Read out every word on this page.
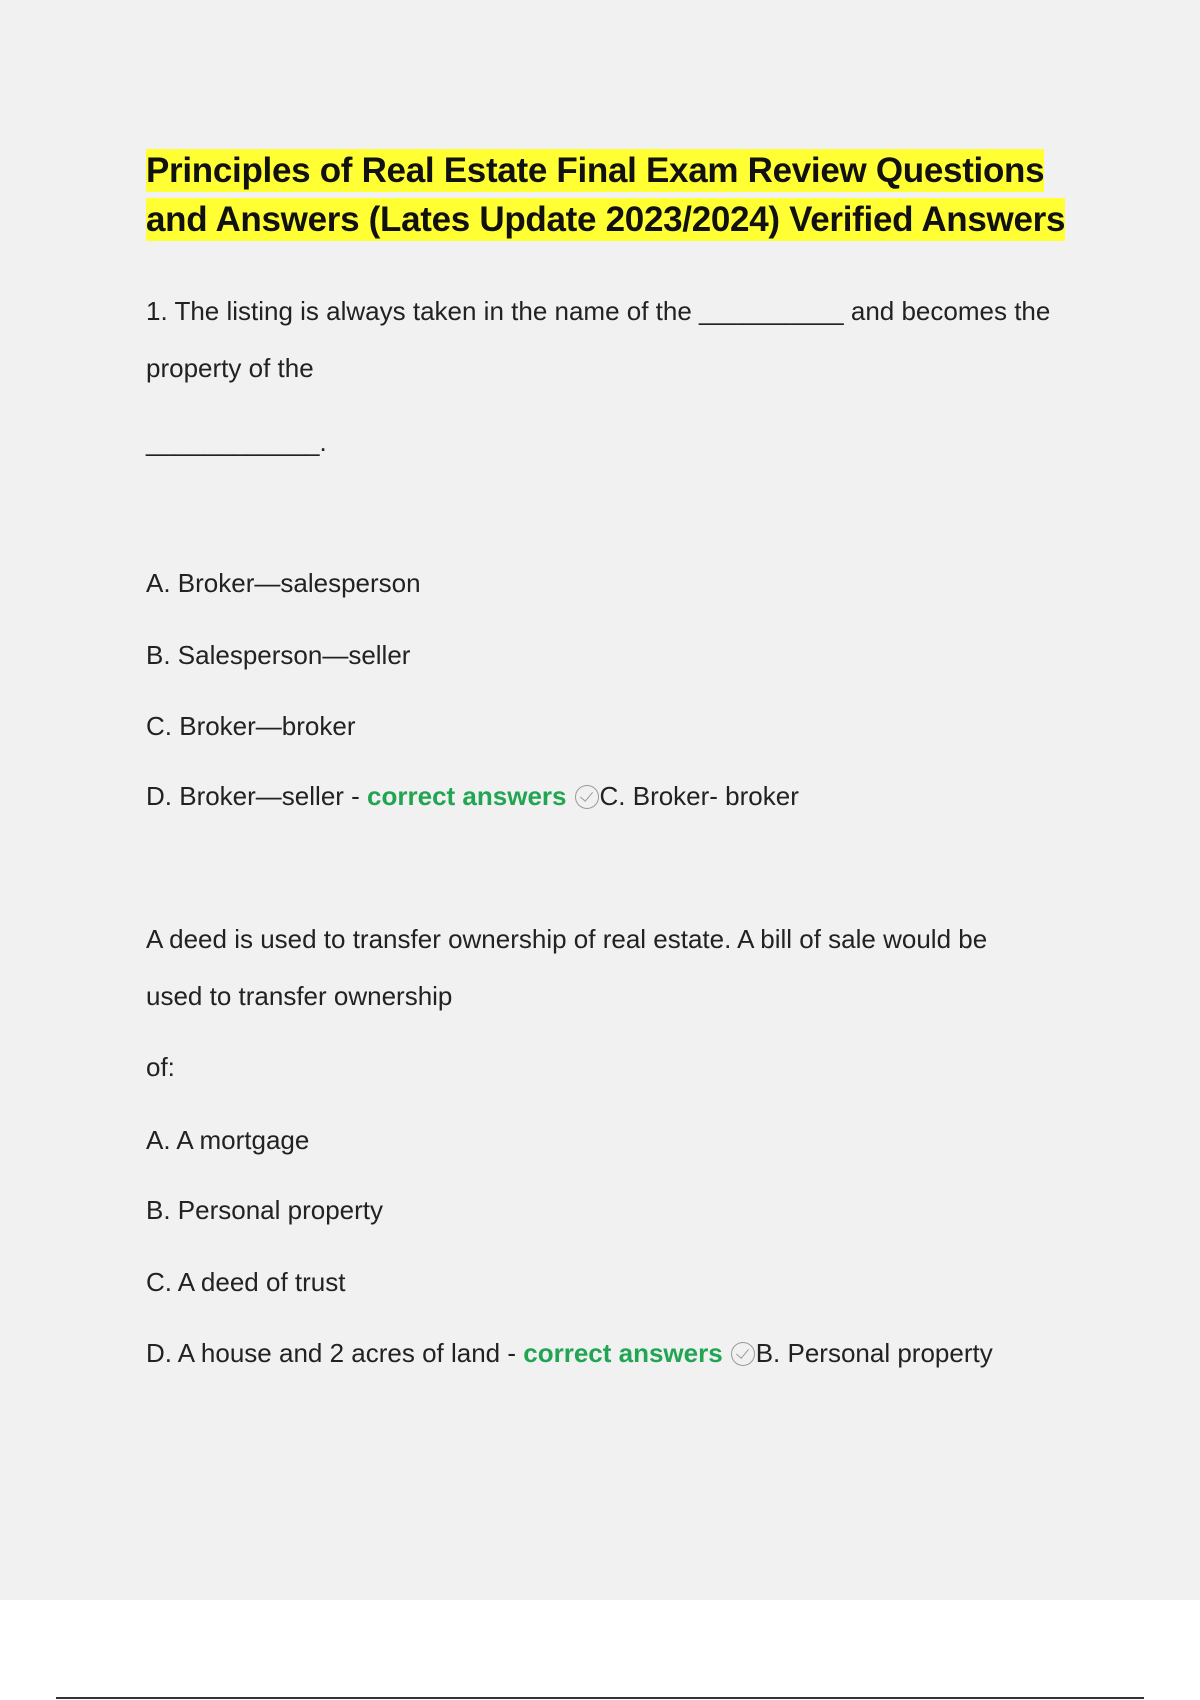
Principles of Real Estate Final Exam Review Questions and Answers (Lates Update 2023/2024) Verified Answers

1. The listing is always taken in the name of the __________ and becomes the

property of the

____________.

A. Broker—salesperson

B. Salesperson—seller

C. Broker—broker

D. Broker—seller - correct answers C. Broker- broker

A deed is used to transfer ownership of real estate. A bill of sale would be

used to transfer ownership

of:

A. A mortgage

B. Personal property

C. A deed of trust

D. A house and 2 acres of land - correct answers B. Personal property
